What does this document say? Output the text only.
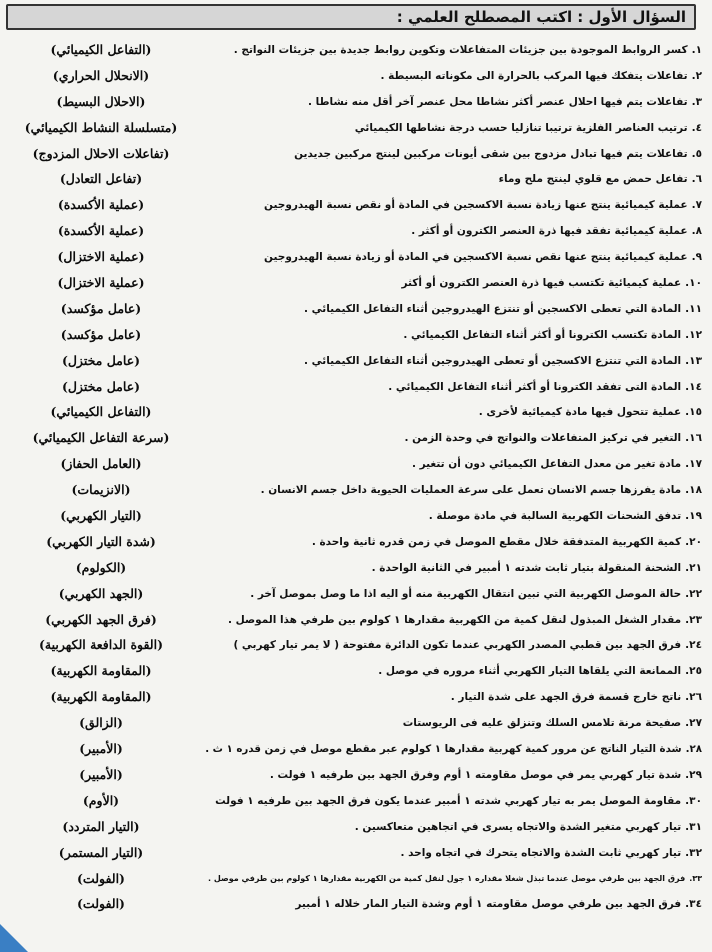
السؤال الأول : اكتب المصطلح العلمي :
١.كسر الروابط الموجودة بين جزيئات المتفاعلات وتكوين روابط جديدة بين جزيئات النواتج .
(التفاعل الكيميائي)
٢.تفاعلات يتفكك فيها المركب بالحرارة الى مكوناته البسيطة .
(الانحلال الحراري)
٣.تفاعلات يتم فيها احلال عنصر أكثر نشاطا محل عنصر آخر أقل منه نشاطا .
(الاحلال البسيط)
٤.ترتيب العناصر الفلزية ترتيبا تنازليا حسب درجة نشاطها الكيميائي
(متسلسلة النشاط الكيميائي)
٥.تفاعلات يتم فيها تبادل مزدوج بين شقى أيونات مركبين لينتج مركبين جديدين
(تفاعلات الاحلال المزدوج)
٦.تفاعل حمض مع قلوي لينتج ملح وماء
(تفاعل التعادل)
٧.عملية كيميائية ينتج عنها زيادة نسبة الاكسجين في المادة أو نقص نسبة الهيدروجين
(عملية الأكسدة)
٨.عملية كيميائية تفقد فيها ذرة العنصر الكترون أو أكثر .
(عملية الأكسدة)
٩.عملية كيميائية ينتج عنها نقص نسبة الاكسجين في المادة أو زيادة نسبة الهيدروجين
(عملية الاختزال)
١٠.عملية كيميائية تكتسب فيها ذرة العنصر الكترون أو أكثر
(عملية الاختزال)
١١.المادة التي تعطى الاكسجين أو تنتزع الهيدروجين أثناء التفاعل الكيميائي .
(عامل مؤكسد)
١٢.المادة تكتسب الكترونا أو أكثر أثناء التفاعل الكيميائي .
(عامل مؤكسد)
١٣.المادة التي تنتزع الاكسجين أو تعطى الهيدروجين أثناء التفاعل الكيميائي .
(عامل مختزل)
١٤.المادة التى تفقد الكترونا أو أكثر أثناء التفاعل الكيميائي .
(عامل مختزل)
١٥.عملية تتحول فيها مادة كيميائية لأخرى .
(التفاعل الكيميائي)
١٦.التغير في تركيز المتفاعلات والنواتج في وحدة الزمن .
(سرعة التفاعل الكيميائي)
١٧.مادة تغير من معدل التفاعل الكيميائي دون أن تتغير .
(العامل الحفاز)
١٨.مادة يفرزها جسم الانسان تعمل على سرعة العمليات الحيوية داخل جسم الانسان .
(الانزيمات)
١٩.تدفق الشحنات الكهربية السالبة في مادة موصلة .
(التيار الكهربي)
٢٠.كمية الكهربية المتدفقة خلال مقطع الموصل في زمن قدره ثانية واحدة .
(شدة التيار الكهربي)
٢١.الشحنة المنقولة بتيار ثابت شدته ١ أمبير في الثانية الواحدة .
(الكولوم)
٢٢.حالة الموصل الكهربية التي تبين انتقال الكهربية منه أو اليه اذا ما وصل بموصل آخر .
(الجهد الكهربي)
٢٣.مقدار الشغل المبذول لنقل كمية من الكهربية مقدارها ١ كولوم بين طرفي هذا الموصل .
(فرق الجهد الكهربي)
٢٤.فرق الجهد بين قطبي المصدر الكهربي عندما تكون الدائرة مفتوحة ( لا يمر تيار كهربي )
(القوة الدافعة الكهربية)
٢٥.الممانعة التي يلقاها التيار الكهربي أثناء مروره في موصل .
(المقاومة الكهربية)
٢٦.ناتج خارج قسمة فرق الجهد على شدة التيار .
(المقاومة الكهربية)
٢٧.صفيحة مرنة تلامس السلك وتنزلق عليه فى الريوستات
(الزالق)
٢٨.شدة التيار الناتج عن مرور كمية كهربية مقدارها ١ كولوم عبر مقطع موصل في زمن قدره ١ ث .
(الأمبير)
٢٩.شدة تيار كهربي يمر في موصل مقاومته ١ أوم وفرق الجهد بين طرفيه ١ فولت .
(الأمبير)
٣٠.مقاومة الموصل يمر به تيار كهربي شدته ١ أمبير عندما يكون فرق الجهد بين طرفيه ١ فولت
(الأوم)
٣١.تيار كهربي متغير الشدة والاتجاه يسرى في اتجاهين متعاكسين .
(التيار المتردد)
٣٢.تيار كهربي ثابت الشدة والاتجاه يتحرك في اتجاه واحد .
(التيار المستمر)
٣٣.فرق الجهد بين طرفي موصل عندما تبذل شغلا مقداره ١ جول لنقل كمية من الكهربية مقدارها ١ كولوم بين طرفي موصل .
(الفولت)
٣٤.فرق الجهد بين طرفي موصل مقاومته ١ أوم وشدة التيار المار خلاله ١ أمبير
(الفولت)
